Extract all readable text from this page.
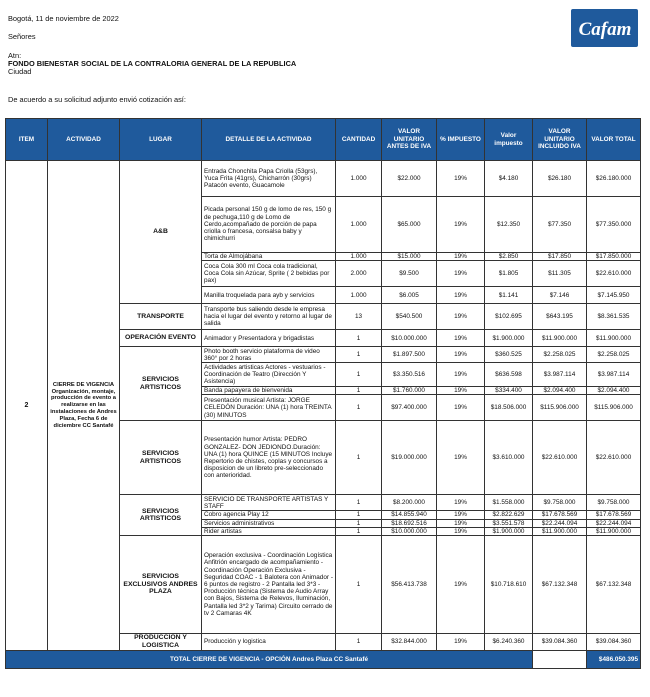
Bogotá, 11 de noviembre de 2022
Señores
Atn:
FONDO BIENESTAR SOCIAL DE LA CONTRALORIA GENERAL DE LA REPUBLICA
Ciudad
De acuerdo a su solicitud adjunto envió cotización así:
Cafam
ITEM	ACTIVIDAD	LUGAR	DETALLE DE LA ACTIVIDAD	CANTIDAD	VALOR UNITARIO ANTES DE IVA	% IMPUESTO	Valor impuesto	VALOR UNITARIO INCLUIDO IVA	VALOR TOTAL
2	CIERRE DE VIGENCIA Organización, montaje, producción de evento a realizarse en las instalaciones de Andres Plaza, Fecha 6 de diciembre CC Santafé	A&B	Entrada Chonchita Papa Criolla (53grs), Yuca Frita (41grs), Chicharrón (30grs) Patacón evento, Guacamole	1.000	$22.000	19%	$4.180	$26.180	$26.180.000
			Picada personal 150 g de lomo de res, 150 g de pechuga,110 g de Lomo de Cerdo,acompañado de porción de papa criolla o francesa, consalsa baby y chimichurri	1.000	$65.000	19%	$12.350	$77.350	$77.350.000
			Torta de Almojábana	1.000	$15.000	19%	$2.850	$17.850	$17.850.000
			Coca Cola 300 ml Coca cola tradicional, Coca Cola sin Azúcar, Sprite ( 2 bebidas por pax)	2.000	$9.500	19%	$1.805	$11.305	$22.610.000
			Manilla troquelada para ayb y servicios	1.000	$6.005	19%	$1.141	$7.146	$7.145.950
		TRANSPORTE	Transporte bus saliendo desde le empresa hacia el lugar del evento y retorno al lugar de salida	13	$540.500	19%	$102.695	$643.195	$8.361.535
		OPERACIÓN EVENTO	Animador y Presentadora y brigadistas	1	$10.000.000	19%	$1.900.000	$11.900.000	$11.900.000
		SERVICIOS ARTISTICOS	Photo booth servicio plataforma de video 360° por 2 horas	1	$1.897.500	19%	$360.525	$2.258.025	$2.258.025
			Actividades artisticas Actores - vestuarios - Coordinación de Teatro (Dirección Y Asistencia)	1	$3.350.516	19%	$636.598	$3.987.114	$3.987.114
			Banda papayera de bienvenida	1	$1.760.000	19%	$334.400	$2.094.400	$2.094.400
			Presentación musical Artista: JORGE CELEDÓN Duración: UNA (1) hora TREINTA (30) MINUTOS	1	$97.400.000	19%	$18.506.000	$115.906.000	$115.906.000
		SERVICIOS ARTISTICOS	Presentación humor Artista: PEDRO GONZALEZ- DON JEDIONDO.Duración: UNA (1) hora QUINCE (15 MINUTOS Incluye Repertorio de chistes, coplas y concursos a disposicion de un libreto pre-seleccionado con anterioridad.	1	$19.000.000	19%	$3.610.000	$22.610.000	$22.610.000
		SERVICIOS ARTISTICOS	SERVICIO DE TRANSPORTE ARTISTAS Y STAFF	1	$8.200.000	19%	$1.558.000	$9.758.000	$9.758.000
			Cobro agencia Play 12	1	$14.855.940	19%	$2.822.629	$17.678.569	$17.678.569
			Servicios administrativos	1	$18.692.516	19%	$3.551.578	$22.244.094	$22.244.094
			Rider artistas	1	$10.000.000	19%	$1.900.000	$11.900.000	$11.900.000
		SERVICIOS EXCLUSIVOS ANDRES PLAZA	Operación exclusiva - Coordinación Logística Anfitrión encargado de acompañamiento - Coordinación Operación Exclusiva - Seguridad COAC - 1 Balotera con Animador - 6 puntos de registro - 2 Pantalla led 3*3 - Producción técnica (Sistema de Audio Array con Bajos, Sistema de Relevos, Iluminación, Pantalla led 3*2 y Tarima) Circuito cerrado de tv 2 Camaras 4K	1	$56.413.738	19%	$10.718.610	$67.132.348	$67.132.348
		PRODUCCIÓN Y LOGISTICA	Producción y logistica	1	$32.844.000	19%	$6.240.360	$39.084.360	$39.084.360
TOTAL CIERRE DE VIGENCIA - OPCIÓN Andres Plaza CC Santafé									$486.050.395
